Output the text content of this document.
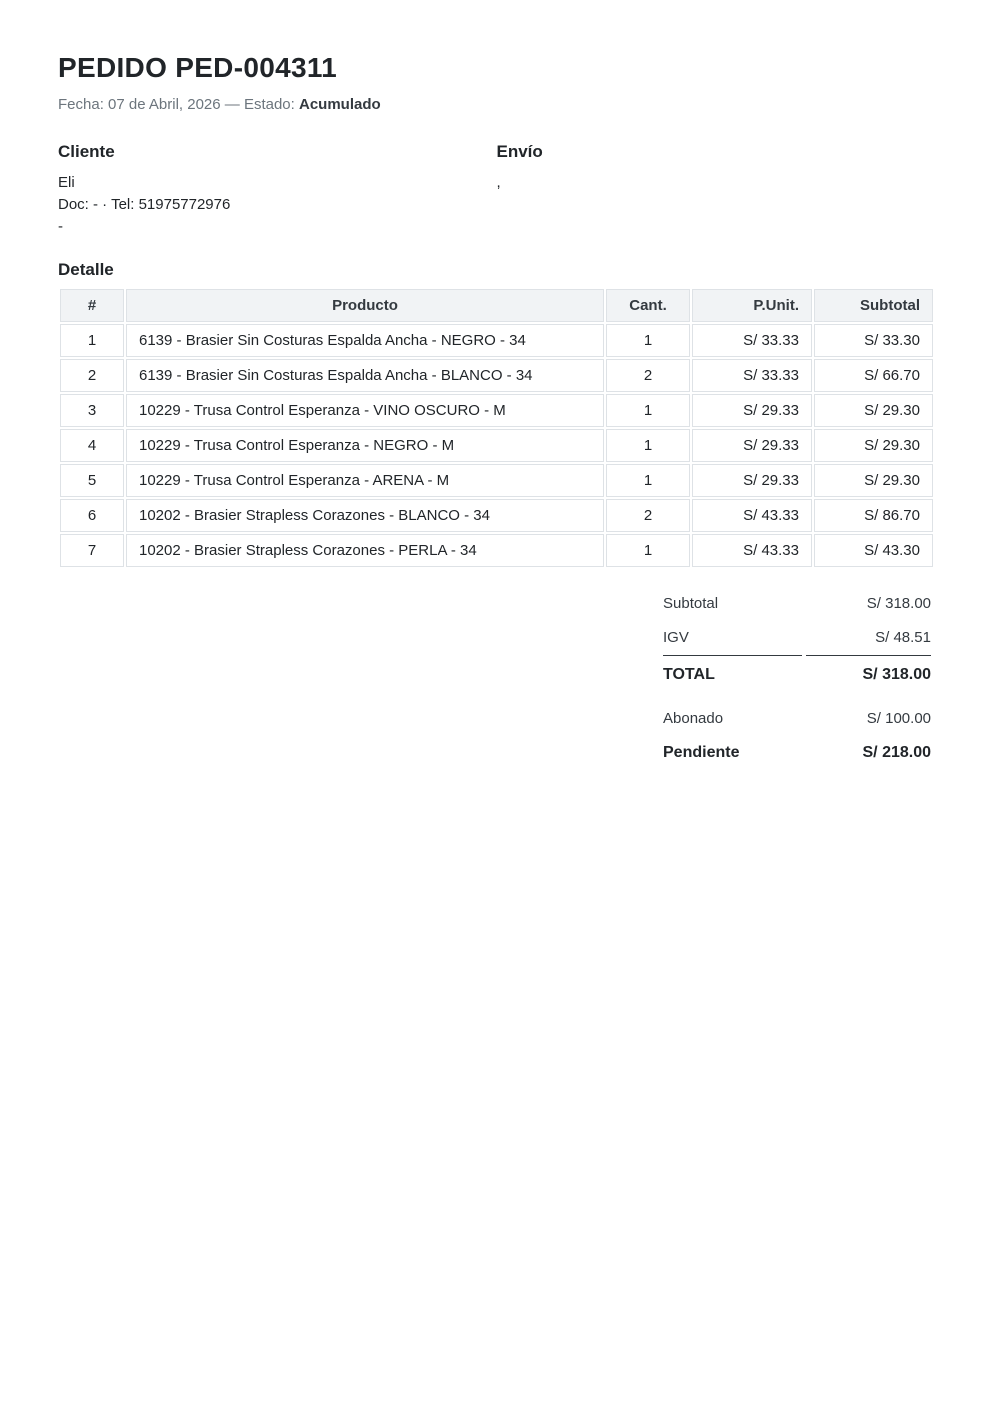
PEDIDO PED-004311
Fecha: 07 de Abril, 2026 — Estado: Acumulado
Cliente
Eli
Doc: - · Tel: 51975772976
-
Envío
,
Detalle
#	Producto	Cant.	P.Unit.	Subtotal
1	6139 - Brasier Sin Costuras Espalda Ancha - NEGRO - 34	1	S/ 33.33	S/ 33.30
2	6139 - Brasier Sin Costuras Espalda Ancha - BLANCO - 34	2	S/ 33.33	S/ 66.70
3	10229 - Trusa Control Esperanza - VINO OSCURO - M	1	S/ 29.33	S/ 29.30
4	10229 - Trusa Control Esperanza - NEGRO - M	1	S/ 29.33	S/ 29.30
5	10229 - Trusa Control Esperanza - ARENA - M	1	S/ 29.33	S/ 29.30
6	10202 - Brasier Strapless Corazones - BLANCO - 34	2	S/ 43.33	S/ 86.70
7	10202 - Brasier Strapless Corazones - PERLA - 34	1	S/ 43.33	S/ 43.30
Subtotal	S/ 318.00
IGV	S/ 48.51
TOTAL	S/ 318.00
Abonado	S/ 100.00
Pendiente	S/ 218.00
